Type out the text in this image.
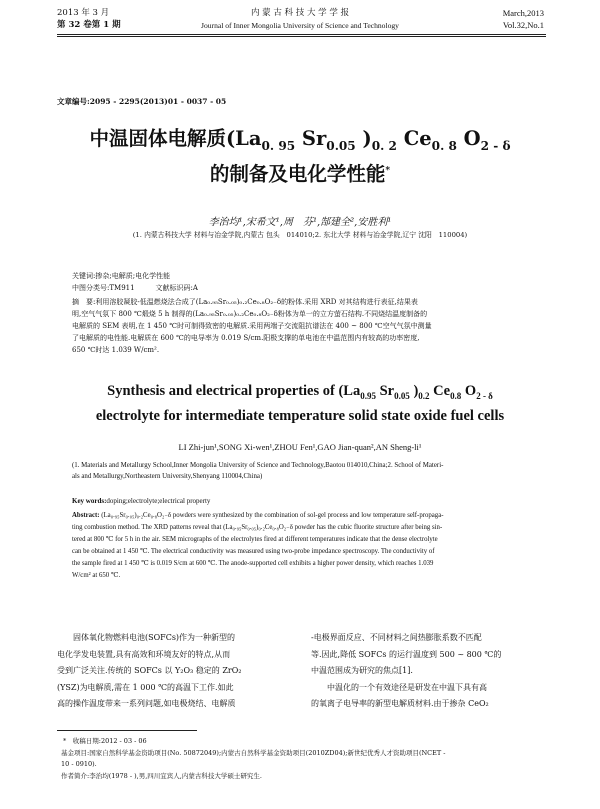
2013 年 3 月
第 32 卷第 1 期
内 蒙 古 科 技 大 学 学 报
Journal of Inner Mongolia University of Science and Technology
March,2013
Vol.32,No.1
文章编号:2095 - 2295(2013)01 - 0037 - 05
中温固体电解质($La_{0. 95}$ $Sr_{0.05}$ )$_{0. 2}$ $Ce_{0. 8}$ $O_{2 - \delta}$
的制备及电化学性能*
李治均¹,宋希文¹,周　芬¹,郜建全²,安胜利¹
(1. 内蒙古科技大学 材料与冶金学院,内蒙古 包头　014010;2. 东北大学 材料与冶金学院,辽宁 沈阳　110004)
关键词:掺杂;电解质;电化学性能
中图分类号:TM911　　　文献标识码:A
摘　要:利用溶胶凝胶-低温燃烧法合成了(La₀.₉₅Sr₀.₀₅)₀.₂Ce₀.₈O₂₋δ的粉体.采用 XRD 对其结构进行表征,结果表
明,空气气氛下 800 ℃煅烧 5 h 制得的(La₀.₉₅Sr₀.₀₅)₀.₂Ce₀.₈O₂₋δ粉体为单一的立方萤石结构.不同烧结温度制备的
电解质的 SEM 表明,在 1 450 ℃时可制得致密的电解质.采用两端子交流阻抗谱法在 400 ~ 800 ℃空气气氛中测量
了电解质的电性能.电解质在 600 ℃的电导率为 0.019 S/cm.阳极支撑的单电池在中温范围内有较高的功率密度,
650 ℃时达 1.039 W/cm².
Synthesis and electrical properties of ($La_{0.95}$ $Sr_{0.05}$ )$_{0.2}$ $Ce_{0.8}$ $O_{2 - \delta}$
electrolyte for intermediate temperature solid state oxide fuel cells
LI Zhi-jun¹,SONG Xi-wen¹,ZHOU Fen¹,GAO Jian-quan²,AN Sheng-li¹
(1. Materials and Metallurgy School,Inner Mongolia University of Science and Technology,Baotou 014010,China;2. School of Materi-
als and Metallurgy,Northeastern University,Shenyang 110004,China)
Key words:doping;electrolyte;electrical property
Abstract: (La₀.₉₅Sr₀.₀₅)₀.₂Ce₀.₈O₂₋δ powders were synthesized by the combination of sol-gel process and low temperature self-propaga-
ting combustion method. The XRD patterns reveal that (La₀.₉₅Sr₀.₀₅)₀.₂Ce₀.₈O₂₋δ powder has the cubic fluorite structure after being sin-
tered at 800 ℃ for 5 h in the air. SEM micrographs of the electrolytes fired at different temperatures indicate that the dense electrolyte
can be obtained at 1 450 ℃. The electrical conductivity was measured using two-probe impedance spectroscopy. The conductivity of
the sample fired at 1 450 ℃ is 0.019 S/cm at 600 ℃. The anode-supported cell exhibits a higher power density, which reaches 1.039
W/cm² at 650 ℃.
　　固体氧化物燃料电池(SOFCs)作为一种新型的
电化学发电装置,具有高效和环境友好的特点,从而
受到广泛关注.传统的 SOFCs 以 Y₂O₃ 稳定的 ZrO₂
(YSZ)为电解质,需在 1 000 ℃的高温下工作.如此
高的操作温度带来一系列问题,如电极烧结、电解质
-电极界面反应、不同材料之间热膨胀系数不匹配
等.因此,降低 SOFCs 的运行温度到 500 ~ 800 ℃的
中温范围成为研究的焦点[1].
　　中温化的一个有效途径是研发在中温下具有高
的氧离子电导率的新型电解质材料.由于掺杂 CeO₂
*　收稿日期:2012 - 03 - 06
基金项目:国家自然科学基金资助项目(No. 50872049);内蒙古自然科学基金资助项目(2010ZD04);新世纪优秀人才资助项目(NCET -
10 - 0910).
作者简介:李治均(1978 - ),男,四川宜宾人,内蒙古科技大学硕士研究生.
